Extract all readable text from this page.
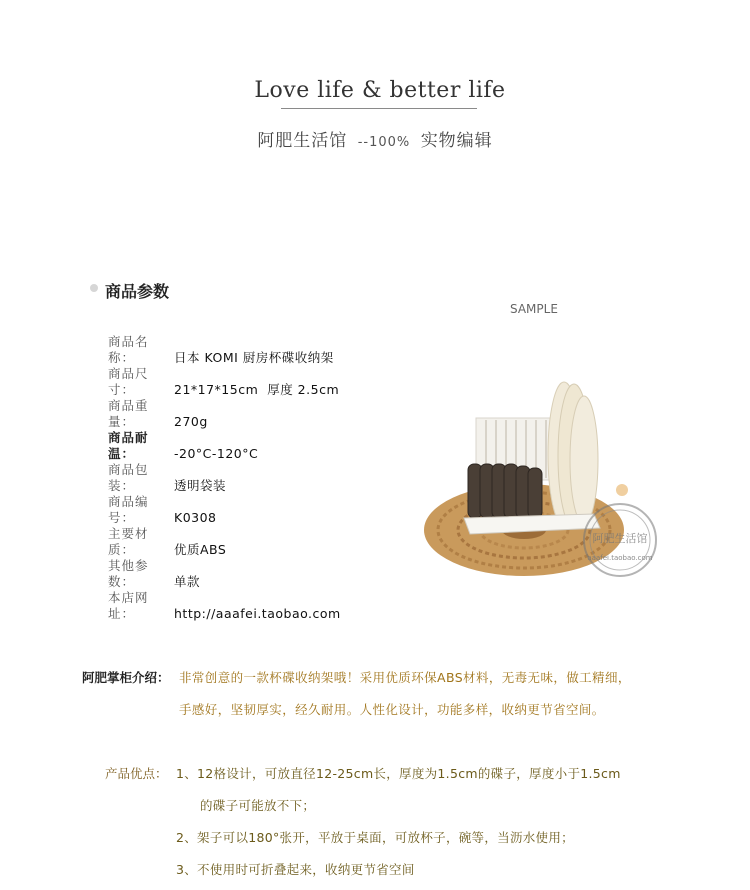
Love life & better life
阿肥生活馆 --100% 实物编辑
商品参数
SAMPLE
商品名称：	日本 KOMI 厨房杯碟收纳架
商品尺寸：	21*17*15cm  厚度 2.5cm
商品重量：	270g
商品耐温：	-20°C-120°C
商品包装：	透明袋装
商品编号：	K0308
主要材质：	优质ABS
其他参数：	单款
本店网址：	http://aaafei.taobao.com
阿肥生活馆
aaafei.taobao.com
阿肥掌柜介绍： 非常创意的一款杯碟收纳架哦！采用优质环保ABS材料，无毒无味，做工精细，
手感好，坚韧厚实，经久耐用。人性化设计，功能多样，收纳更节省空间。
产品优点： 1、12格设计，可放直径12-25cm长，厚度为1.5cm的碟子，厚度小于1.5cm
的碟子可能放不下；
2、架子可以180°张开，平放于桌面，可放杯子，碗等，当沥水使用；
3、不使用时可折叠起来，收纳更节省空间
